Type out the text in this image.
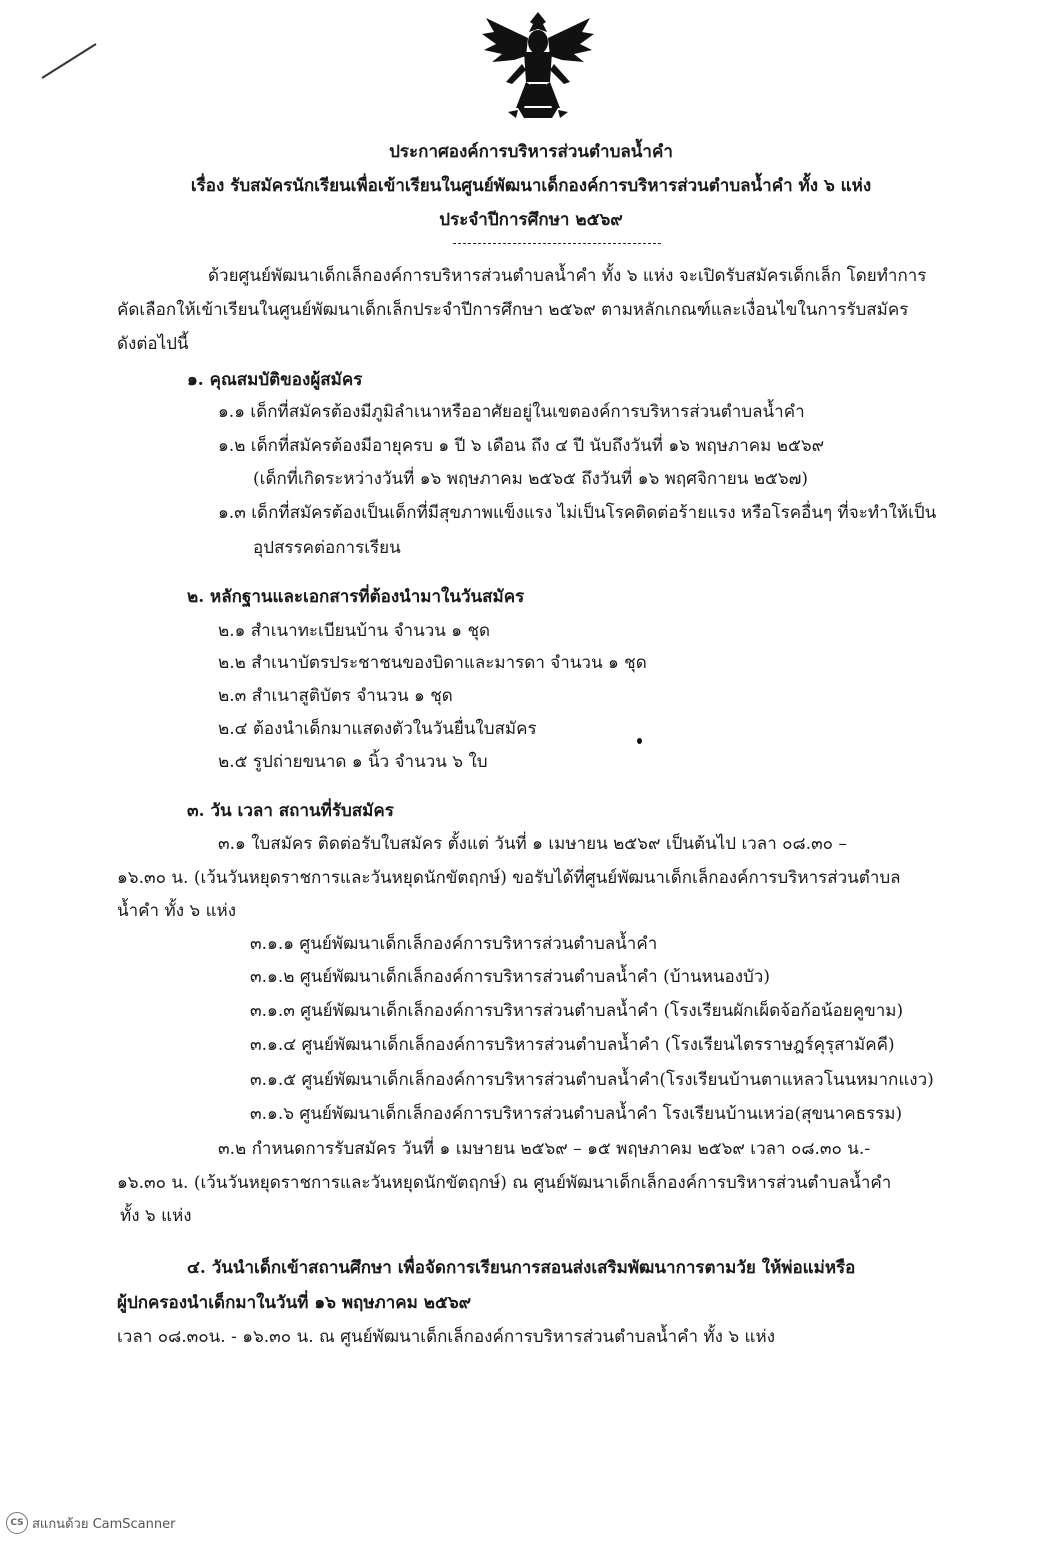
ประกาศองค์การบริหารส่วนตำบลน้ำคำ
เรื่อง รับสมัครนักเรียนเพื่อเข้าเรียนในศูนย์พัฒนาเด็กองค์การบริหารส่วนตำบลน้ำคำ ทั้ง ๖ แห่ง
ประจำปีการศึกษา ๒๕๖๙
ด้วยศูนย์พัฒนาเด็กเล็กองค์การบริหารส่วนตำบลน้ำคำ ทั้ง ๖ แห่ง จะเปิดรับสมัครเด็กเล็ก โดยทำการ
คัดเลือกให้เข้าเรียนในศูนย์พัฒนาเด็กเล็กประจำปีการศึกษา ๒๕๖๙ ตามหลักเกณฑ์และเงื่อนไขในการรับสมัคร
ดังต่อไปนี้
๑. คุณสมบัติของผู้สมัคร
๑.๑ เด็กที่สมัครต้องมีภูมิลำเนาหรืออาศัยอยู่ในเขตองค์การบริหารส่วนตำบลน้ำคำ
๑.๒ เด็กที่สมัครต้องมีอายุครบ ๑ ปี ๖ เดือน ถึง ๔ ปี นับถึงวันที่ ๑๖ พฤษภาคม ๒๕๖๙
(เด็กที่เกิดระหว่างวันที่ ๑๖ พฤษภาคม ๒๕๖๕ ถึงวันที่ ๑๖ พฤศจิกายน ๒๕๖๗)
๑.๓ เด็กที่สมัครต้องเป็นเด็กที่มีสุขภาพแข็งแรง ไม่เป็นโรคติดต่อร้ายแรง หรือโรคอื่นๆ ที่จะทำให้เป็น
อุปสรรคต่อการเรียน
๒. หลักฐานและเอกสารที่ต้องนำมาในวันสมัคร
๒.๑ สำเนาทะเบียนบ้าน จำนวน ๑ ชุด
๒.๒ สำเนาบัตรประชาชนของบิดาและมารดา จำนวน ๑ ชุด
๒.๓ สำเนาสูติบัตร จำนวน ๑ ชุด
๒.๔ ต้องนำเด็กมาแสดงตัวในวันยื่นใบสมัคร
๒.๕ รูปถ่ายขนาด ๑ นิ้ว จำนวน ๖ ใบ
๓. วัน เวลา สถานที่รับสมัคร
๓.๑ ใบสมัคร ติดต่อรับใบสมัคร ตั้งแต่ วันที่ ๑ เมษายน ๒๕๖๙ เป็นต้นไป เวลา ๐๘.๓๐ –
๑๖.๓๐ น. (เว้นวันหยุดราชการและวันหยุดนักขัตฤกษ์) ขอรับได้ที่ศูนย์พัฒนาเด็กเล็กองค์การบริหารส่วนตำบล
น้ำคำ ทั้ง ๖ แห่ง
๓.๑.๑ ศูนย์พัฒนาเด็กเล็กองค์การบริหารส่วนตำบลน้ำคำ
๓.๑.๒ ศูนย์พัฒนาเด็กเล็กองค์การบริหารส่วนตำบลน้ำคำ (บ้านหนองบัว)
๓.๑.๓ ศูนย์พัฒนาเด็กเล็กองค์การบริหารส่วนตำบลน้ำคำ (โรงเรียนผักเผ็ดจ้อก้อน้อยคูขาม)
๓.๑.๔ ศูนย์พัฒนาเด็กเล็กองค์การบริหารส่วนตำบลน้ำคำ (โรงเรียนไตรราษฎร์คุรุสามัคคี)
๓.๑.๕ ศูนย์พัฒนาเด็กเล็กองค์การบริหารส่วนตำบลน้ำคำ(โรงเรียนบ้านตาแหลวโนนหมากแงว)
๓.๑.๖ ศูนย์พัฒนาเด็กเล็กองค์การบริหารส่วนตำบลน้ำคำ โรงเรียนบ้านเหว่อ(สุขนาคธรรม)
๓.๒ กำหนดการรับสมัคร วันที่ ๑ เมษายน ๒๕๖๙ – ๑๕ พฤษภาคม ๒๕๖๙ เวลา ๐๘.๓๐ น.-
๑๖.๓๐ น. (เว้นวันหยุดราชการและวันหยุดนักขัตฤกษ์) ณ ศูนย์พัฒนาเด็กเล็กองค์การบริหารส่วนตำบลน้ำคำ
ทั้ง ๖ แห่ง
๔. วันนำเด็กเข้าสถานศึกษา เพื่อจัดการเรียนการสอนส่งเสริมพัฒนาการตามวัย ให้พ่อแม่หรือ
ผู้ปกครองนำเด็กมาในวันที่ ๑๖ พฤษภาคม ๒๕๖๙
เวลา ๐๘.๓๐น. - ๑๖.๓๐ น. ณ ศูนย์พัฒนาเด็กเล็กองค์การบริหารส่วนตำบลน้ำคำ ทั้ง ๖ แห่ง
CS สแกนด้วย CamScanner
